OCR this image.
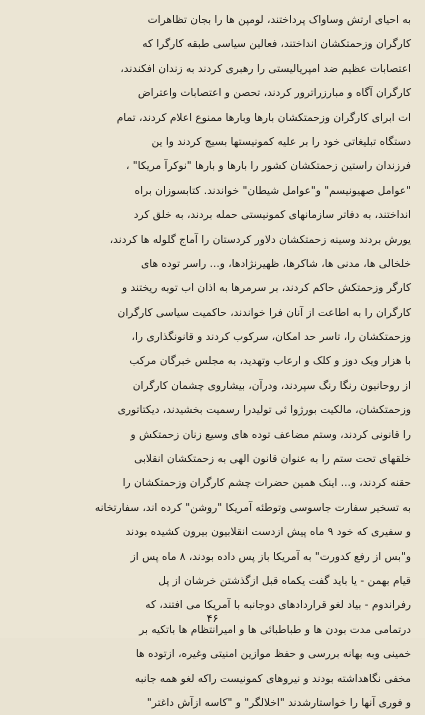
به احیای ارتش وساواک پرداختند، لومپن ها را بجان تظاهرات
کارگران وزحمتکشان انداختند، فعالین سیاسی طبقه کارگرا که
اعتصابات عظیم ضد امپریالیستی را رهبری کردند به زندان افکندند،
کارگران آگاه و مبارزراترور کردند، تحصن و اعتصابات واعتراض
ات ابرای کارگران وزحمتکشان بارها وبارها ممنوع اعلام کردند، تمام
دستگاه تبلیغاتی خود را بر علیه کمونیستها بسیج کردند وا ین
فرزندان راستین زحمتکشان کشور را بارها و بارها "نوکرآ مریکا" ،
"عوامل صهیونیسم" و"عوامل شیطان" خواندند. کتابسوزان براه
انداختند، به دفاتر سازمانهای کمونیستی حمله بردند، به خلق کرد
یورش بردند وسینه زحمتکشان دلاور کردستان را آماج گلوله ها کردند،
خلخالی ها، مدنی ها، شاکرها، ظهیرنژادها، و... راسر توده های
کارگر وزحمتکش حاکم کردند، بر سرمرها به اذان اب توبه ریختند و
کارگران را به اطاعت از آنان فرا خواندند، حاکمیت سیاسی کارگران
وزحمتکشان را، تاسر حد امکان، سرکوب کردند و قانونگذاری را،
با هزار ویک دوز و کلک و ارعاب وتهدید، به مجلس خبرگان مرکب
از روحانیون رنگا رنگ سپردند، ودرآن، بیشاروی چشمان کارگران
وزحمتکشان، مالکیت بورژوا ئی تولیدرا رسمیت بخشیدند، دیکتاتوری
را قانونی کردند، وستم مضاعف توده های وسیع زنان زحمتکش و
خلقهای تحت ستم را به عنوان قانون الهی به زحمتکشان انقلابی
حقنه کردند، و... اینک همین حضرات چشم کارگران وزحمتکشان را
به تسخیر سفارت جاسوسی وتوطئه آمریکا "روشن" کرده اند، سفارتخانه
و سفیری که خود ۹ ماه پیش ازدست انقلابیون بیرون کشیده بودند
و"بس از رفع کدورت" به آمریکا باز پس داده بودند، ۸ ماه پس از
قیام بهمن - یا باید گفت یکماه قبل ازگذشتن خرشان از پل
رفراندوم - بیاد لغو قراردادهای دوجانبه با آمریکا می افتند، که
درتمامی مدت بودن ها و طباطبائی ها و امیرانتظام ها باتکیه بر
خمینی وبه بهانه بررسی و حفظ موازین امنیتی وغیره، ازتوده ها
مخفی نگاهداشته بودند و نیروهای کمونیست راکه لغو همه جانبه
و فوری آنها را خواستارشدند "اخلالگر" و "کاسه ازآش داغتر"
۴۶
